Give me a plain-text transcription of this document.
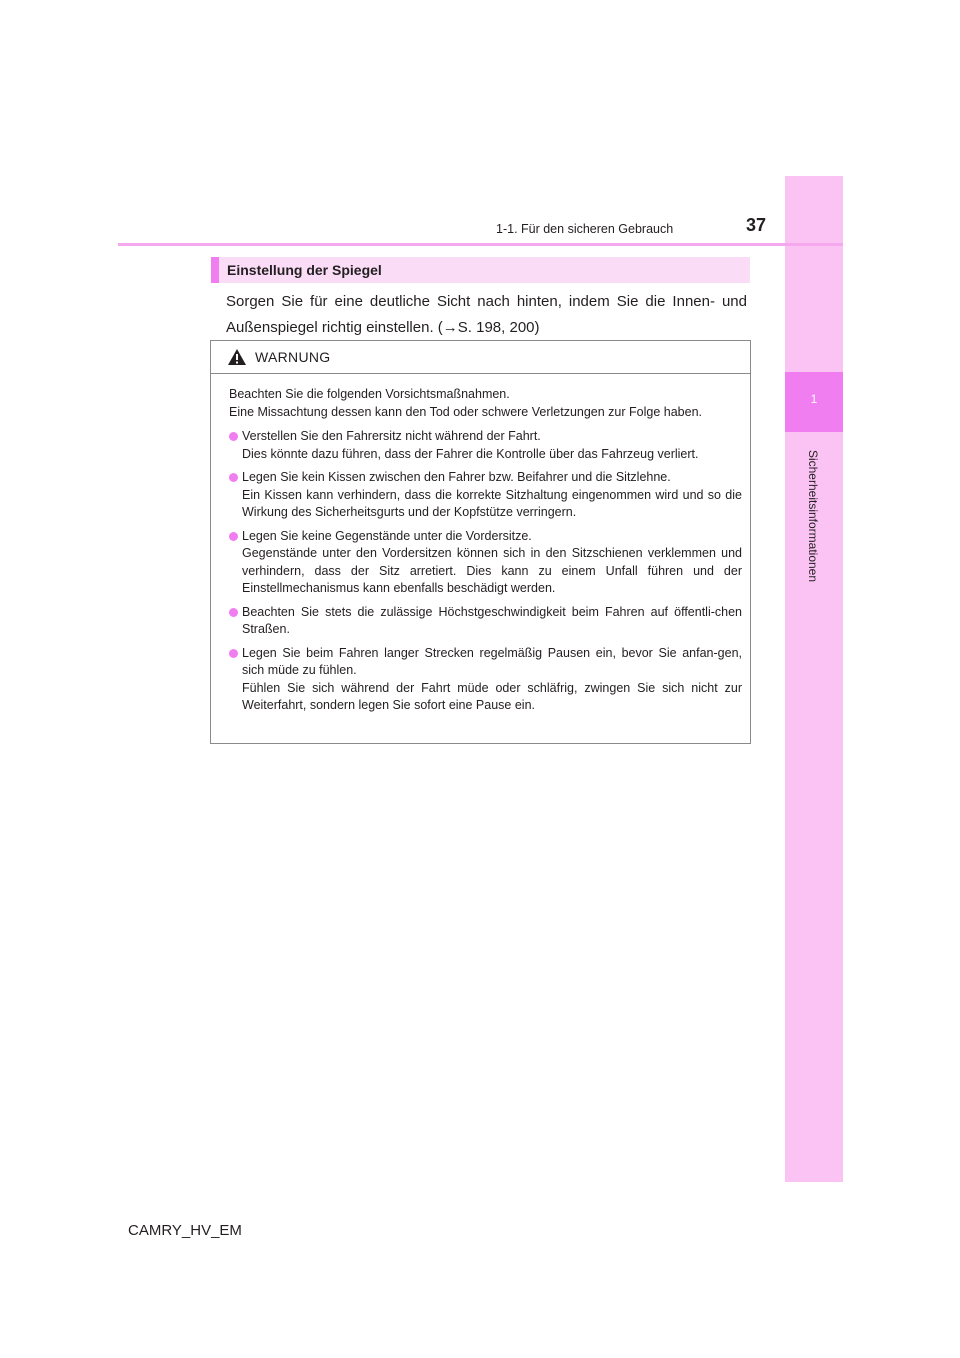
1
Sicherheitsinformationen
1-1. Für den sicheren Gebrauch	37
Einstellung der Spiegel
Sorgen Sie für eine deutliche Sicht nach hinten, indem Sie die Innen- und Außenspiegel richtig einstellen. (→S. 198, 200)
WARNUNG

Beachten Sie die folgenden Vorsichtsmaßnahmen.

Eine Missachtung dessen kann den Tod oder schwere Verletzungen zur Folge haben.

Verstellen Sie den Fahrersitz nicht während der Fahrt.
Dies könnte dazu führen, dass der Fahrer die Kontrolle über das Fahrzeug verliert.
Legen Sie kein Kissen zwischen den Fahrer bzw. Beifahrer und die Sitzlehne.
Ein Kissen kann verhindern, dass die korrekte Sitzhaltung eingenommen wird und so die Wirkung des Sicherheitsgurts und der Kopfstütze verringern.
Legen Sie keine Gegenstände unter die Vordersitze.
Gegenstände unter den Vordersitzen können sich in den Sitzschienen verklemmen und verhindern, dass der Sitz arretiert. Dies kann zu einem Unfall führen und der Einstellmechanismus kann ebenfalls beschädigt werden.
Beachten Sie stets die zulässige Höchstgeschwindigkeit beim Fahren auf öffentli-chen Straßen.
Legen Sie beim Fahren langer Strecken regelmäßig Pausen ein, bevor Sie anfan-gen, sich müde zu fühlen.
Fühlen Sie sich während der Fahrt müde oder schläfrig, zwingen Sie sich nicht zur Weiterfahrt, sondern legen Sie sofort eine Pause ein.
CAMRY_HV_EM
